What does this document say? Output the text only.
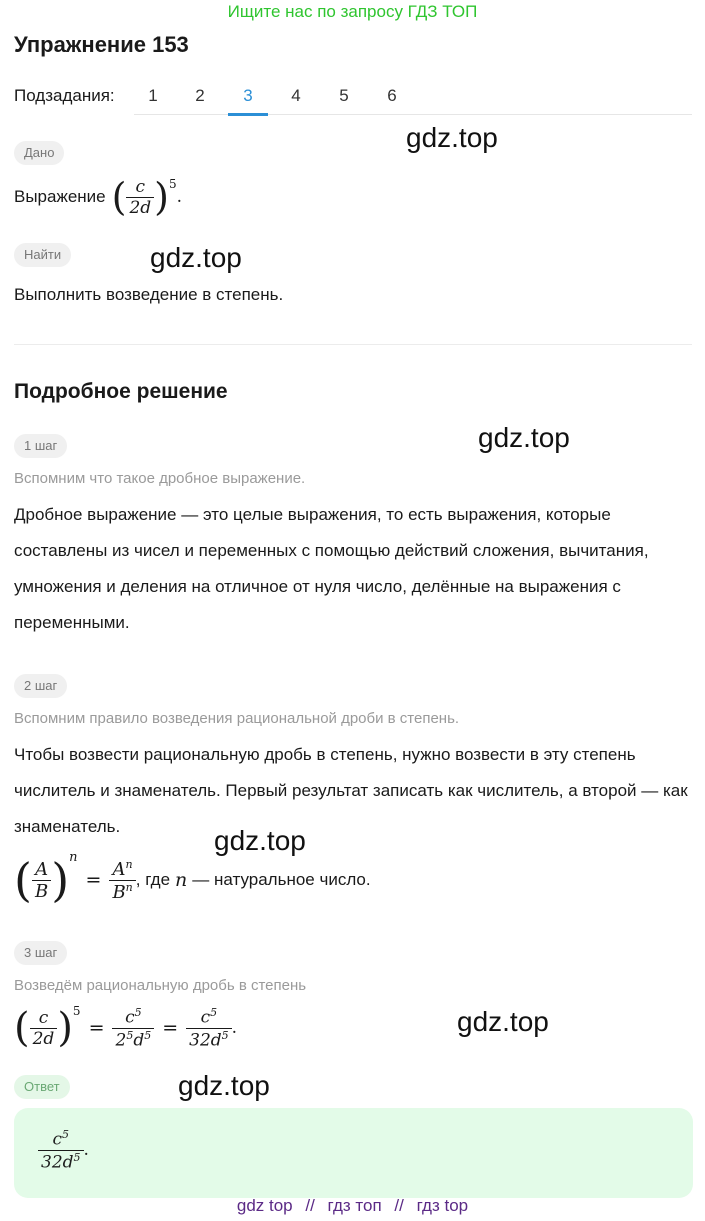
Ищите нас по запросу ГДЗ ТОП
Упражнение 153
Подзадания:	1	2	3	4	5	6
Дано	gdz.top
Выражение ( $\frac{c}{2d} )^5$
.
Найти	gdz.top
Выполнить возведение в степень.
Подробное решение
1 шаг	gdz.top
Вспомним что такое дробное выражение.
Дробное выражение — это целые выражения, то есть выражения, которые составлены из чисел и переменных с помощью действий сложения, вычитания, умножения и деления на отличное от нуля число, делённые на выражения с переменными.
2 шаг
Вспомним правило возведения рациональной дроби в степень.
Чтобы возвести рациональную дробь в степень, нужно возвести в эту степень числитель и знаменатель. Первый результат записать как числитель, а второй — как знаменатель.	gdz.top
( $\frac{A}{B} )^n$
= $\frac{A^n}{B^n}$ , где n — натуральное число.
3 шаг
Возведём рациональную дробь в степень
( $\frac{c}{2d} )^5$
= $\frac{c^5}{2^5d^5} = \frac{c^5}{32d^5}$ .	gdz.top
Ответ	gdz.top
$\frac{c^5}{32d^5}$ .
gdz top // гдз топ // гдз top
